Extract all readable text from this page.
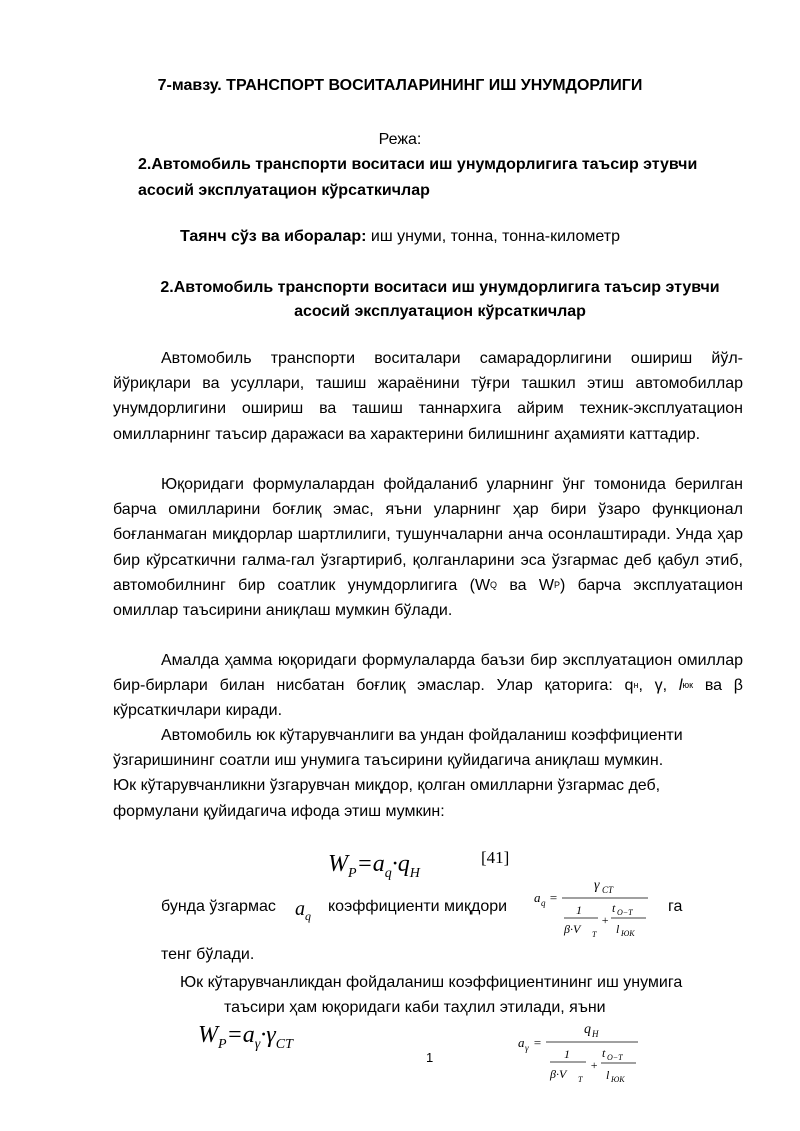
7-мавзу. ТРАНСПОРТ ВОСИТАЛАРИНИНГ ИШ УНУМДОРЛИГИ
Режа:
2.Автомобиль транспорти воситаси иш унумдорлигига таъсир этувчи асосий эксплуатацион кўрсаткичлар
Таянч сўз ва иборалар: иш унуми, тонна, тонна-километр
2.Автомобиль транспорти воситаси иш унумдорлигига таъсир этувчи асосий эксплуатацион кўрсаткичлар

Автомобиль транспорти воситалари самарадорлигини ошириш йўл-йўриқлари ва усуллари, ташиш жараёнини тўғри ташкил этиш автомобиллар унумдорлигини ошириш ва ташиш таннархига айрим техник-эксплуатацион омилларнинг таъсир даражаси ва характерини билишнинг аҳамияти каттадир.

Юқоридаги формулалардан фойдаланиб уларнинг ўнг томонида берилган барча омилларини боғлиқ эмас, яъни уларнинг ҳар бири ўзаро функционал боғланмаган миқдорлар шартлилиги, тушунчаларни анча осонлаштиради. Унда ҳар бир кўрсаткични галма-гал ўзгартириб, қолганларини эса ўзгармас деб қабул этиб, автомобилнинг бир соатлик унумдорлигига (WQ ва WP) барча эксплуатацион омиллар таъсирини аниқлаш мумкин бўлади.

Амалда ҳамма юқоридаги формулаларда баъзи бир эксплуатацион омиллар бир-бирлари билан нисбатан боғлиқ эмаслар. Улар қаторига: qн, γ, lюк ва β кўрсаткичлари киради.

Автомобиль юк кўтарувчанлиги ва ундан фойдаланиш коэффициенти ўзгаришининг соатли иш унумига таъсирини қуйидагича аниқлаш мумкин.

Юк кўтарувчанликни ўзгарувчан миқдор, қолган омилларни ўзгармас деб, формулани қуйидагича ифода этиш мумкин:
$W_P=a_q\cdot q_H$
[41]
бунда ўзгармас $a_q$
коэффициенти миқдори
a q =
γ CT
1
β·V T
+
t O−T
l ЮК
га
тенг бўлади.
Юк кўтарувчанликдан фойдаланиш коэффициентининг иш унумига
таъсири ҳам юқоридаги каби таҳлил этилади, яъни
$W_P=a_\gamma\cdot\gamma_{CT}$
1
a γ =
q H
1
β·V T
+
t O−T
l ЮК
